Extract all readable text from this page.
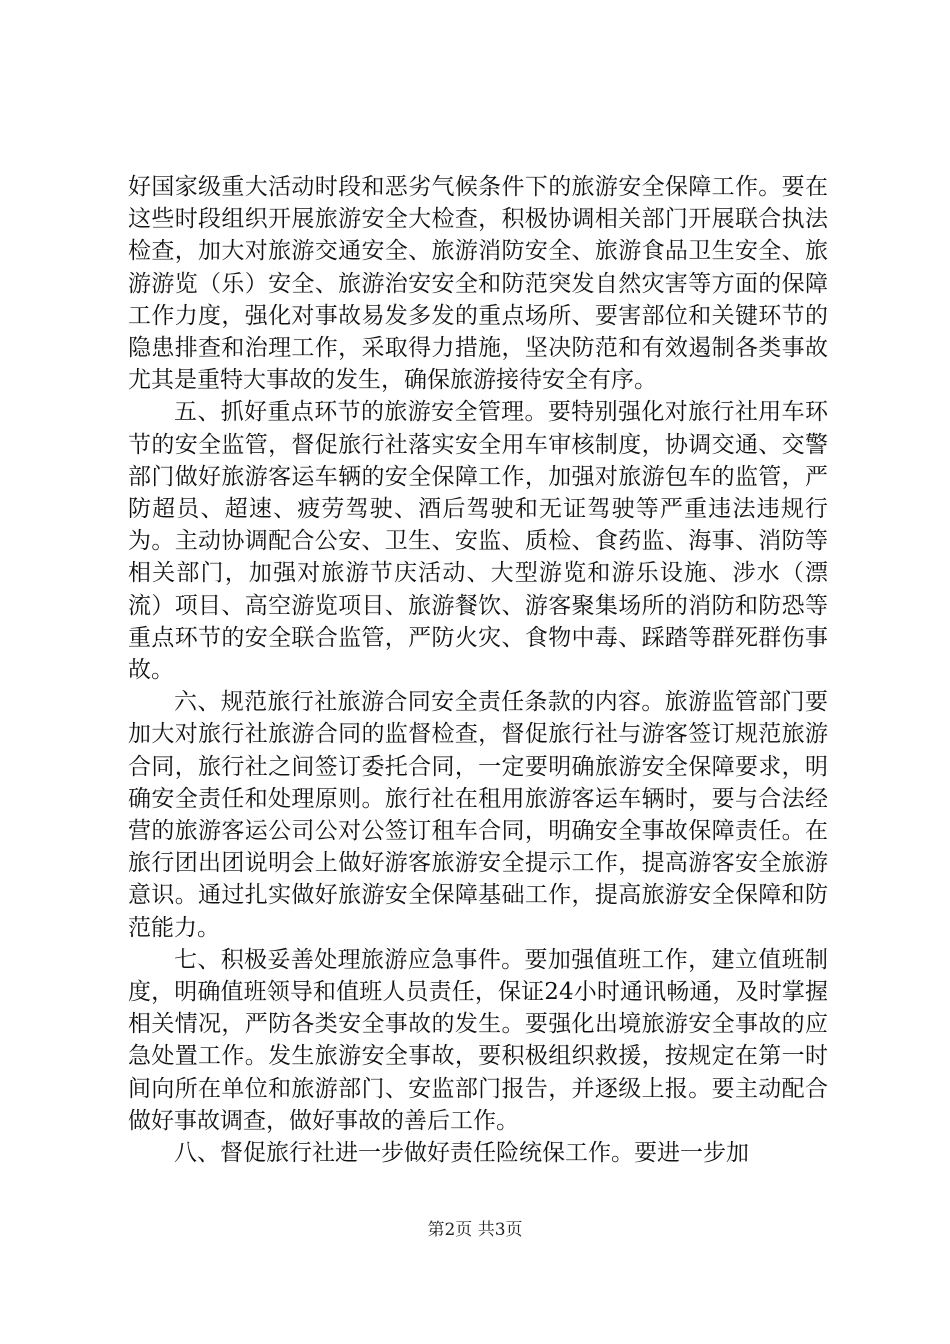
好国家级重大活动时段和恶劣气候条件下的旅游安全保障工作。要在这些时段组织开展旅游安全大检查，积极协调相关部门开展联合执法检查，加大对旅游交通安全、旅游消防安全、旅游食品卫生安全、旅游游览（乐）安全、旅游治安安全和防范突发自然灾害等方面的保障工作力度，强化对事故易发多发的重点场所、要害部位和关键环节的隐患排查和治理工作，采取得力措施，坚决防范和有效遏制各类事故尤其是重特大事故的发生，确保旅游接待安全有序。

五、抓好重点环节的旅游安全管理。要特别强化对旅行社用车环节的安全监管，督促旅行社落实安全用车审核制度，协调交通、交警部门做好旅游客运车辆的安全保障工作，加强对旅游包车的监管，严防超员、超速、疲劳驾驶、酒后驾驶和无证驾驶等严重违法违规行为。主动协调配合公安、卫生、安监、质检、食药监、海事、消防等相关部门，加强对旅游节庆活动、大型游览和游乐设施、涉水（漂流）项目、高空游览项目、旅游餐饮、游客聚集场所的消防和防恐等重点环节的安全联合监管，严防火灾、食物中毒、踩踏等群死群伤事故。

六、规范旅行社旅游合同安全责任条款的内容。旅游监管部门要加大对旅行社旅游合同的监督检查，督促旅行社与游客签订规范旅游合同，旅行社之间签订委托合同，一定要明确旅游安全保障要求，明确安全责任和处理原则。旅行社在租用旅游客运车辆时，要与合法经营的旅游客运公司公对公签订租车合同，明确安全事故保障责任。在旅行团出团说明会上做好游客旅游安全提示工作，提高游客安全旅游意识。通过扎实做好旅游安全保障基础工作，提高旅游安全保障和防范能力。

七、积极妥善处理旅游应急事件。要加强值班工作，建立值班制度，明确值班领导和值班人员责任，保证24小时通讯畅通，及时掌握相关情况，严防各类安全事故的发生。要强化出境旅游安全事故的应急处置工作。发生旅游安全事故，要积极组织救援，按规定在第一时间向所在单位和旅游部门、安监部门报告，并逐级上报。要主动配合做好事故调查，做好事故的善后工作。

八、督促旅行社进一步做好责任险统保工作。要进一步加

第2页 共3页
